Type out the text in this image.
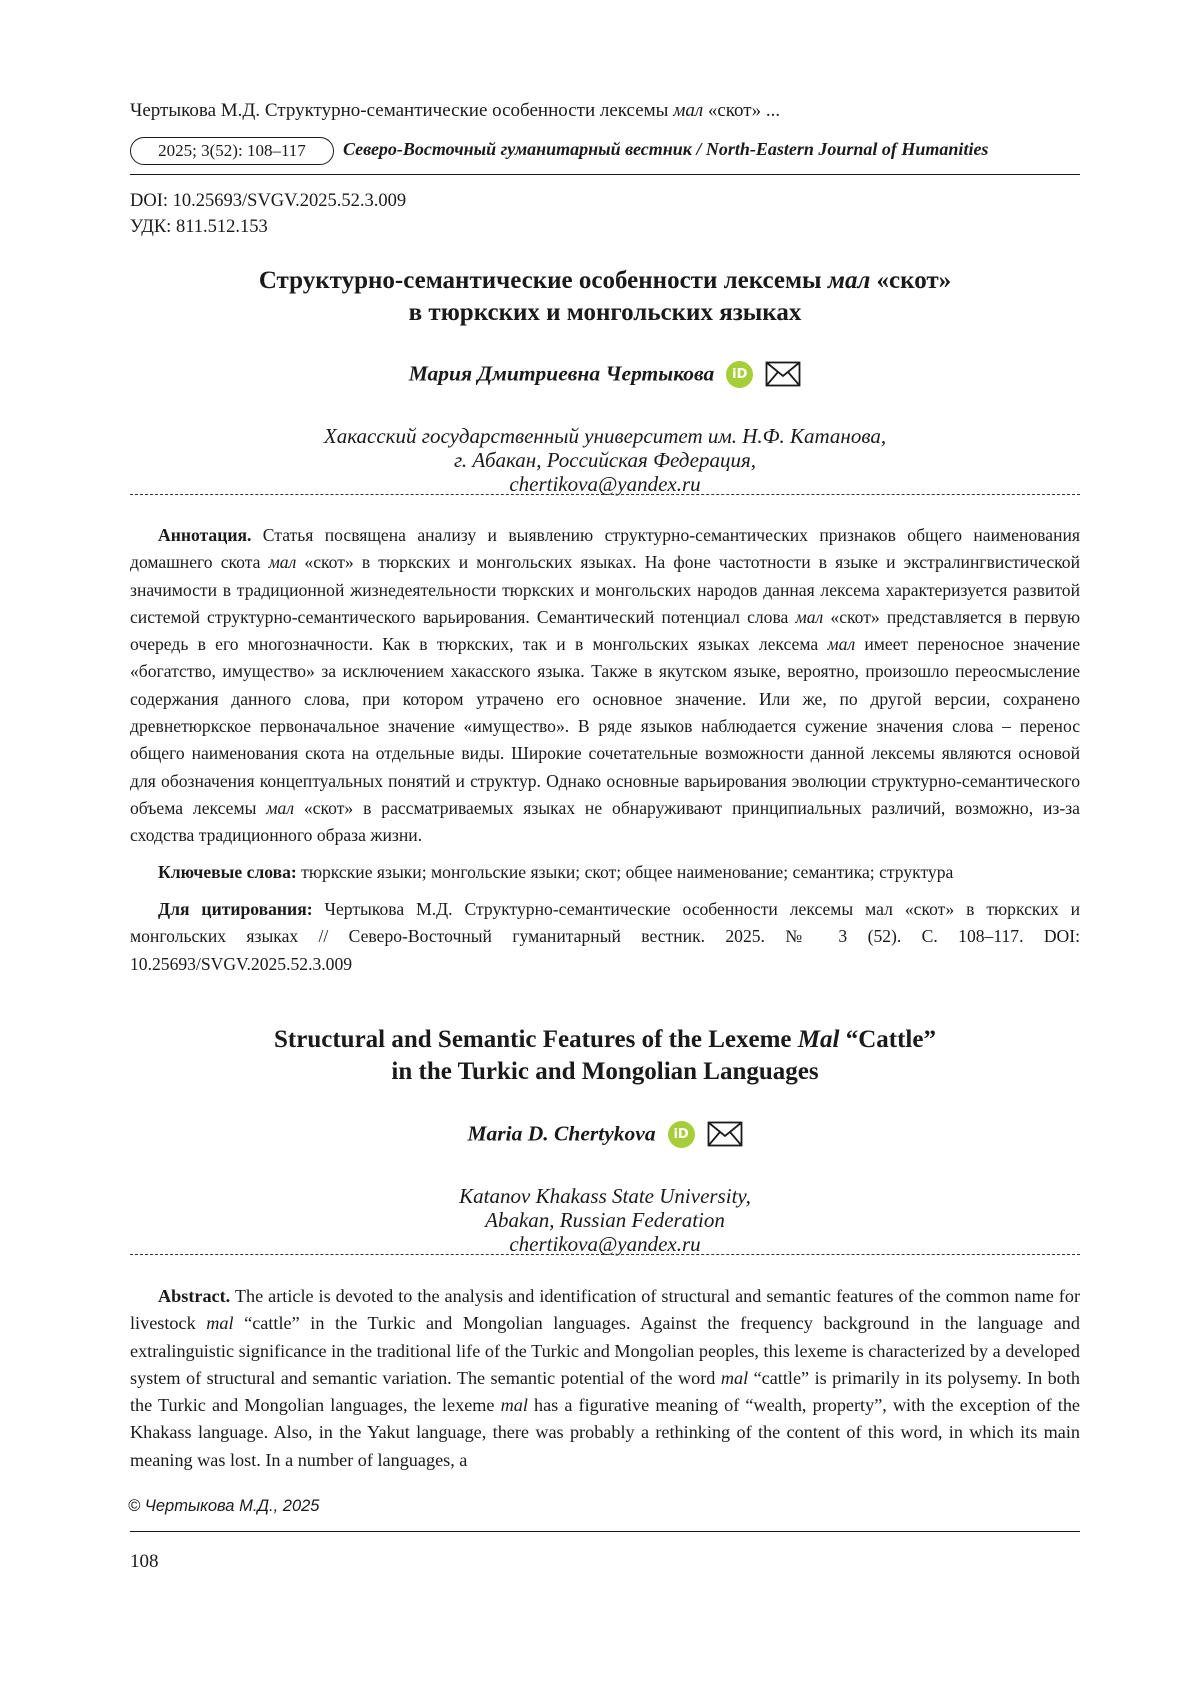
Чертыкова М.Д. Структурно-семантические особенности лексемы мал «скот» ...
2025; 3(52): 108–117	Северо-Восточный гуманитарный вестник / North-Eastern Journal of Humanities
DOI: 10.25693/SVGV.2025.52.3.009
УДК: 811.512.153
Структурно-семантические особенности лексемы мал «скот»
в тюркских и монгольских языках
Мария Дмитриевна Чертыкова iD
Хакасский государственный университет им. Н.Ф. Катанова,
г. Абакан, Российская Федерация,
chertikova@yandex.ru

Аннотация. Статья посвящена анализу и выявлению структурно-семантических признаков общего наименования домашнего скота мал «скот» в тюркских и монгольских языках. На фоне частотности в языке и экстралингвистической значимости в традиционной жизнедеятельности тюркских и монгольских народов данная лексема характеризуется развитой системой структурно-семантического варьирования. Семантический потенциал слова мал «скот» представляется в первую очередь в его многозначности. Как в тюркских, так и в монгольских языках лексема мал имеет переносное значение «богатство, имущество» за исключением хакасского языка. Также в якутском языке, вероятно, произошло переосмысление содержания данного слова, при котором утрачено его основное значение. Или же, по другой версии, сохранено древнетюркское первоначальное значение «имущество». В ряде языков наблюдается сужение значения слова – перенос общего наименования скота на отдельные виды. Широкие сочетательные возможности данной лексемы являются основой для обозначения концептуальных понятий и структур. Однако основные варьирования эволюции структурно-семантического объема лексемы мал «скот» в рассматриваемых языках не обнаруживают принципиальных различий, возможно, из-за сходства традиционного образа жизни.

Ключевые слова: тюркские языки; монгольские языки; скот; общее наименование; семантика; структура

Для цитирования: Чертыкова М.Д. Структурно-семантические особенности лексемы мал «скот» в тюркских и монгольских языках // Северо-Восточный гуманитарный вестник. 2025. № 3 (52). С. 108–117. DOI: 10.25693/SVGV.2025.52.3.009

Structural and Semantic Features of the Lexeme Mal “Cattle”
in the Turkic and Mongolian Languages
Maria D. Chertykova iD
Katanov Khakass State University,
Abakan, Russian Federation
chertikova@yandex.ru

Abstract. The article is devoted to the analysis and identification of structural and semantic features of the common name for livestock mal “cattle” in the Turkic and Mongolian languages. Against the frequency background in the language and extralinguistic significance in the traditional life of the Turkic and Mongolian peoples, this lexeme is characterized by a developed system of structural and semantic variation. The semantic potential of the word mal “cattle” is primarily in its polysemy. In both the Turkic and Mongolian languages, the lexeme mal has a figurative meaning of “wealth, property”, with the exception of the Khakass language. Also, in the Yakut language, there was probably a rethinking of the content of this word, in which its main meaning was lost. In a number of languages, a

© Чертыкова М.Д., 2025
108
